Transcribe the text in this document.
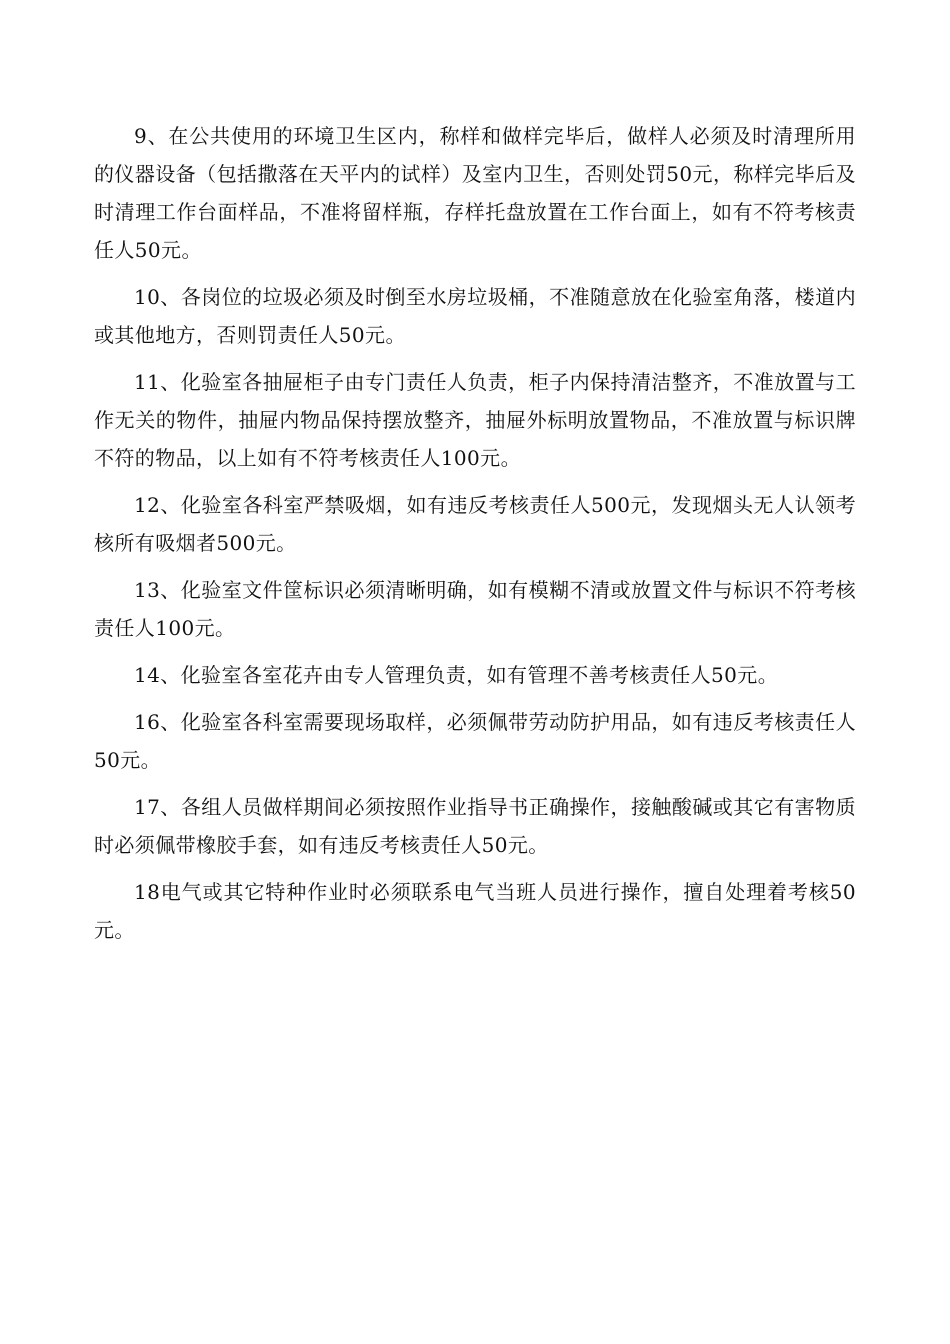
9、在公共使用的环境卫生区内，称样和做样完毕后，做样人必须及时清理所用的仪器设备（包括撒落在天平内的试样）及室内卫生，否则处罚50元，称样完毕后及时清理工作台面样品，不准将留样瓶，存样托盘放置在工作台面上，如有不符考核责任人50元。

10、各岗位的垃圾必须及时倒至水房垃圾桶，不准随意放在化验室角落，楼道内或其他地方，否则罚责任人50元。

11、化验室各抽屉柜子由专门责任人负责，柜子内保持清洁整齐，不准放置与工作无关的物件，抽屉内物品保持摆放整齐，抽屉外标明放置物品，不准放置与标识牌不符的物品，以上如有不符考核责任人100元。

12、化验室各科室严禁吸烟，如有违反考核责任人500元，发现烟头无人认领考核所有吸烟者500元。

13、化验室文件筐标识必须清晰明确，如有模糊不清或放置文件与标识不符考核责任人100元。

14、化验室各室花卉由专人管理负责，如有管理不善考核责任人50元。

16、化验室各科室需要现场取样，必须佩带劳动防护用品，如有违反考核责任人50元。

17、各组人员做样期间必须按照作业指导书正确操作，接触酸碱或其它有害物质时必须佩带橡胶手套，如有违反考核责任人50元。

18电气或其它特种作业时必须联系电气当班人员进行操作，擅自处理着考核50元。
